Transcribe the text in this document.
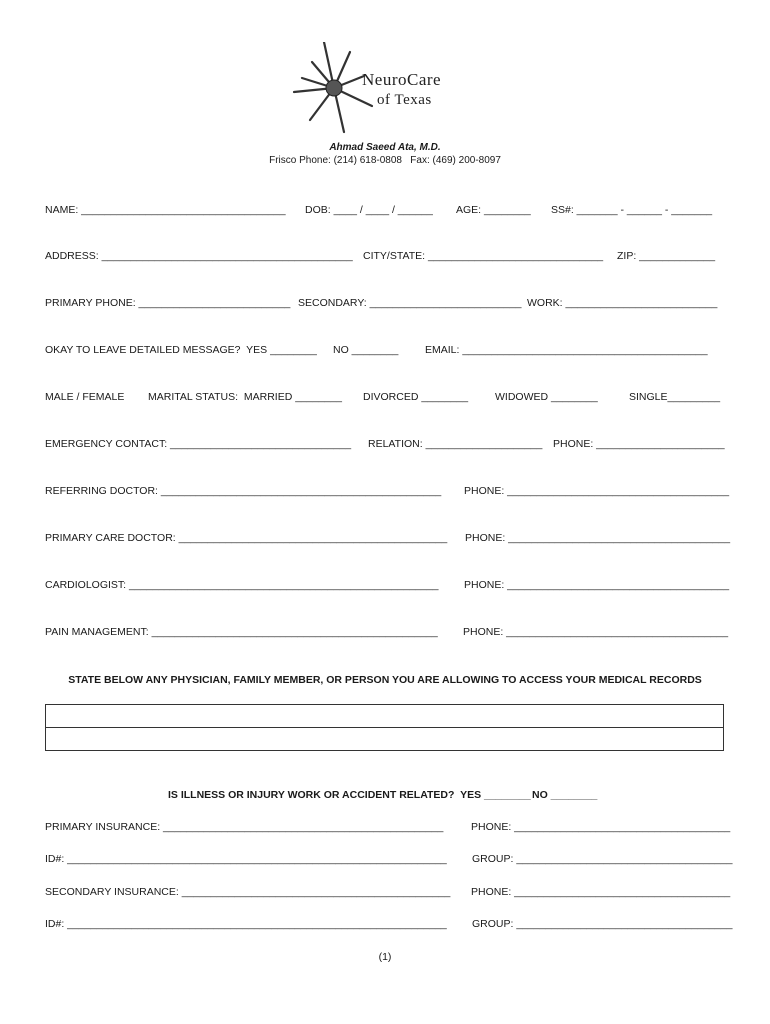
NeuroCare
of Texas
Ahmad Saeed Ata, M.D.
Frisco Phone: (214) 618-0808   Fax: (469) 200-8097
NAME: ___________________________________ DOB: ____ / ____ / ______ AGE: ________ SS#: _______ - ______ - _______
ADDRESS: ___________________________________________ CITY/STATE: ______________________________ ZIP: _____________
PRIMARY PHONE: __________________________ SECONDARY: __________________________ WORK: __________________________
OKAY TO LEAVE DETAILED MESSAGE?  YES ________ NO ________	EMAIL: __________________________________________
MALE / FEMALE MARITAL STATUS:  MARRIED ________ DIVORCED ________	WIDOWED ________	SINGLE_________
EMERGENCY CONTACT: _______________________________ RELATION: ____________________ PHONE: ______________________
REFERRING DOCTOR: ________________________________________________ PHONE: ______________________________________
PRIMARY CARE DOCTOR: ______________________________________________ PHONE: ______________________________________
CARDIOLOGIST: _____________________________________________________ PHONE: ______________________________________
PAIN MANAGEMENT: _________________________________________________ PHONE: ______________________________________
STATE BELOW ANY PHYSICIAN, FAMILY MEMBER, OR PERSON YOU ARE ALLOWING TO ACCESS YOUR MEDICAL RECORDS
IS ILLNESS OR INJURY WORK OR ACCIDENT RELATED?  YES ________ NO ________
PRIMARY INSURANCE: ________________________________________________	PHONE: _____________________________________
ID#: _________________________________________________________________ GROUP: _____________________________________
SECONDARY INSURANCE: ______________________________________________ PHONE: _____________________________________
ID#: _________________________________________________________________ GROUP: _____________________________________
(1)
